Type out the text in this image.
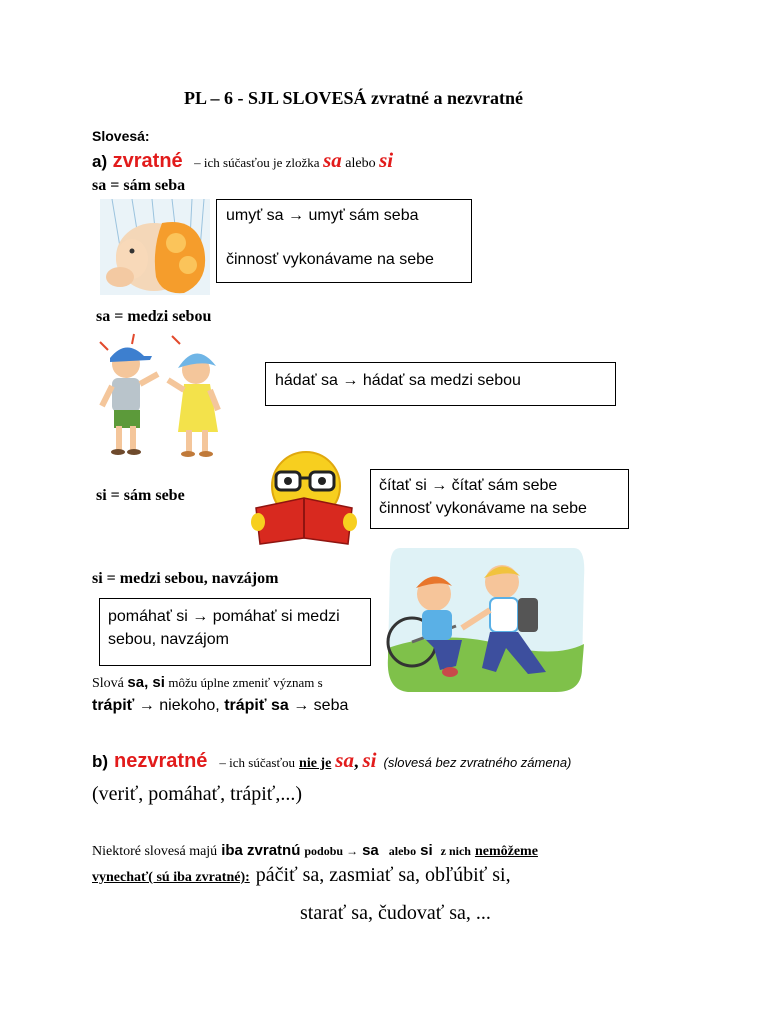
PL – 6 - SJL SLOVESÁ zvratné a nezvratné
Slovesá:
a) zvratné – ich súčasťou je zložka sa alebo si
sa = sám seba
umyť sa → umyť sám seba
činnosť vykonávame na sebe
sa = medzi sebou
hádať sa → hádať sa medzi sebou
si = sám sebe
čítať si → čítať sám sebe
činnosť vykonávame na sebe
si = medzi sebou, navzájom
pomáhať si → pomáhať si medzi
sebou, navzájom
Slová sa, si môžu úplne zmeniť význam s
trápiť → niekoho, trápiť sa → seba
b) nezvratné – ich súčasťou nie je sa, si (slovesá bez zvratného zámena)
(veriť, pomáhať, trápiť,...)
Niektoré slovesá majú iba zvratnú podobu → sa alebo si z nich nemôžeme
vynechať( sú iba zvratné): páčiť sa, zasmiať sa, obľúbiť si,
starať sa, čudovať sa, ...
